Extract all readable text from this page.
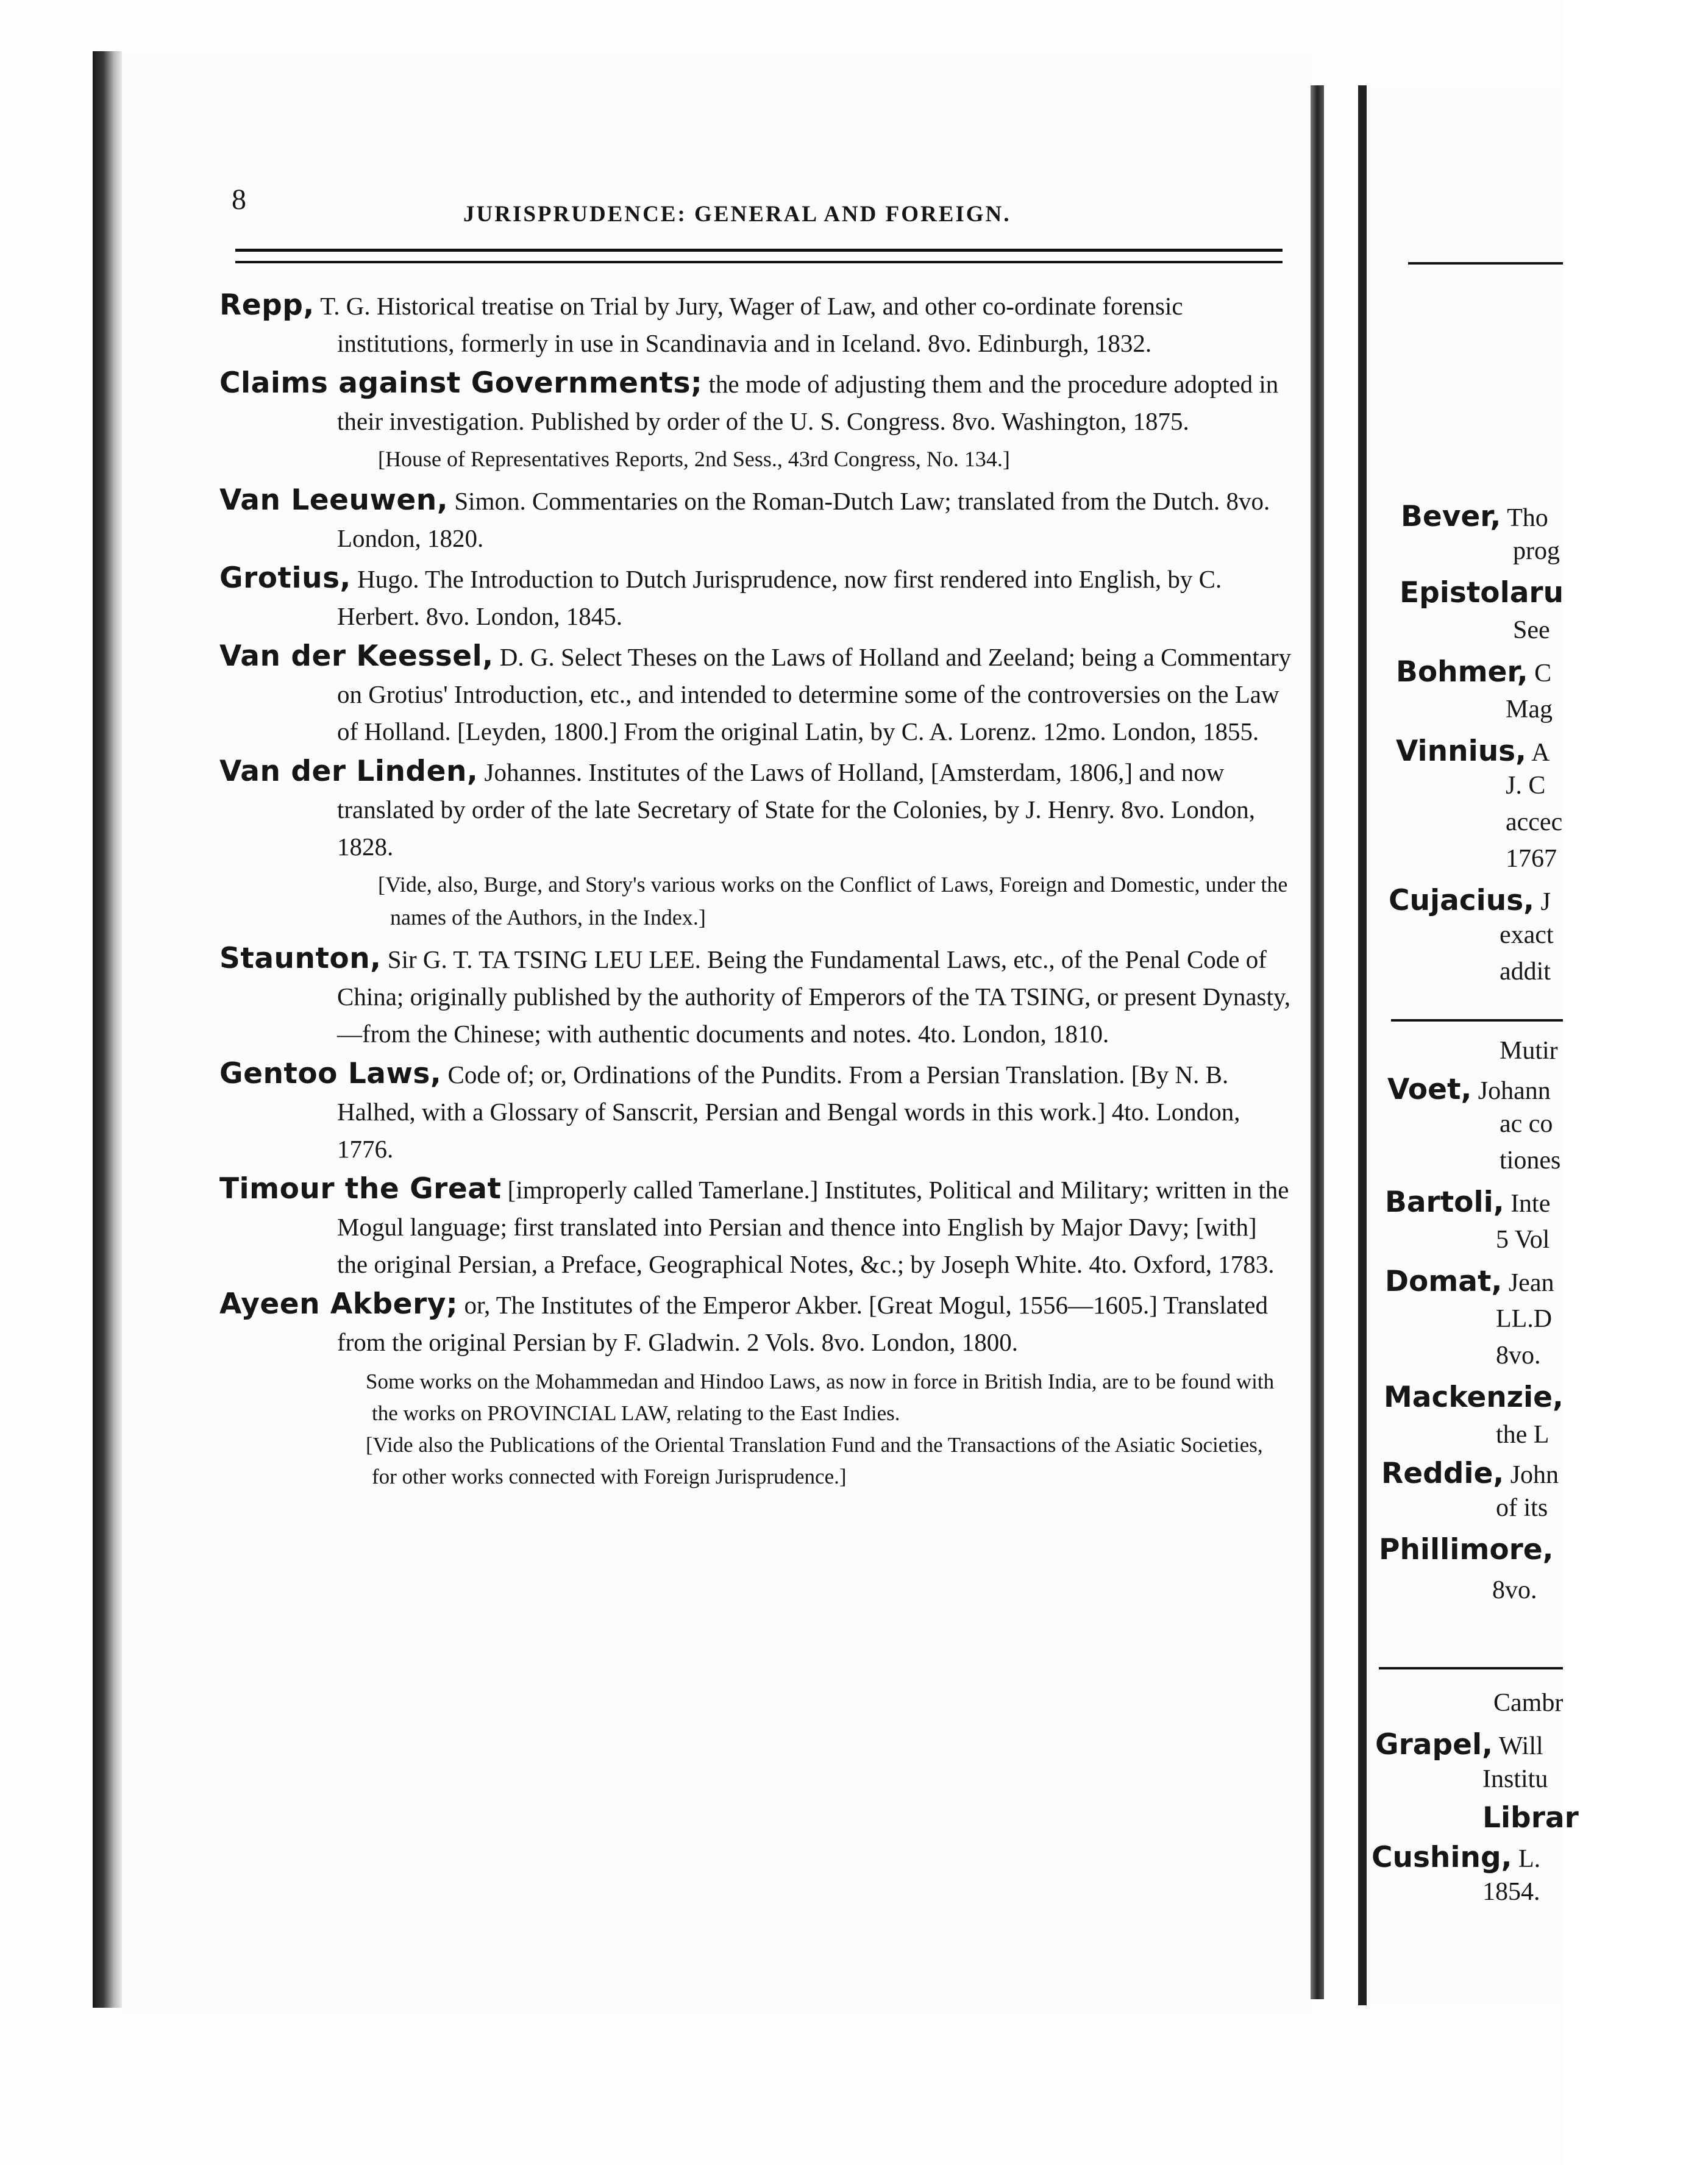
8	JURISPRUDENCE: GENERAL AND FOREIGN.
Repp, T. G. Historical treatise on Trial by Jury, Wager of Law, and other co-ordinate forensic institutions, formerly in use in Scandinavia and in Iceland. 8vo. Edinburgh, 1832.
Claims against Governments; the mode of adjusting them and the procedure adopted in their investigation. Published by order of the U. S. Congress. 8vo. Washington, 1875.
[House of Representatives Reports, 2nd Sess., 43rd Congress, No. 134.]
Van Leeuwen, Simon. Commentaries on the Roman-Dutch Law; translated from the Dutch. 8vo. London, 1820.
Grotius, Hugo. The Introduction to Dutch Jurisprudence, now first rendered into English, by C. Herbert. 8vo. London, 1845.
Van der Keessel, D. G. Select Theses on the Laws of Holland and Zeeland; being a Commentary on Grotius' Introduction, etc., and intended to determine some of the controversies on the Law of Holland. [Leyden, 1800.] From the original Latin, by C. A. Lorenz. 12mo. London, 1855.
Van der Linden, Johannes. Institutes of the Laws of Holland, [Amsterdam, 1806,] and now translated by order of the late Secretary of State for the Colonies, by J. Henry. 8vo. London, 1828.
[Vide, also, Burge, and Story's various works on the Conflict of Laws, Foreign and Domestic, under the names of the Authors, in the Index.]
Staunton, Sir G. T. TA TSING LEU LEE. Being the Fundamental Laws, etc., of the Penal Code of China; originally published by the authority of Emperors of the TA TSING, or present Dynasty,—from the Chinese; with authentic documents and notes. 4to. London, 1810.
Gentoo Laws, Code of; or, Ordinations of the Pundits. From a Persian Translation. [By N. B. Halhed, with a Glossary of Sanscrit, Persian and Bengal words in this work.] 4to. London, 1776.
Timour the Great [improperly called Tamerlane.] Institutes, Political and Military; written in the Mogul language; first translated into Persian and thence into English by Major Davy; [with] the original Persian, a Preface, Geographical Notes, &c.; by Joseph White. 4to. Oxford, 1783.
Ayeen Akbery; or, The Institutes of the Emperor Akber. [Great Mogul, 1556—1605.] Translated from the original Persian by F. Gladwin. 2 Vols. 8vo. London, 1800.
Some works on the Mohammedan and Hindoo Laws, as now in force in British India, are to be found with the works on PROVINCIAL LAW, relating to the East Indies.
[Vide also the Publications of the Oriental Translation Fund and the Transactions of the Asiatic Societies, for other works connected with Foreign Jurisprudence.]
Bever, Tho
prog
Epistolaru
See
Bohmer, C
Mag
Vinnius, A
J. C
accec
1767
Cujacius, J
exact
addit
Mutir
Voet, Johann
ac co
tiones
Bartoli, Inte
5 Vol
Domat, Jean
LL.D
8vo.
Mackenzie,
the L
Reddie, John
of its
Phillimore,
8vo.
Cambr
Grapel, Will
Institu
Librar
Cushing, L.
1854.
